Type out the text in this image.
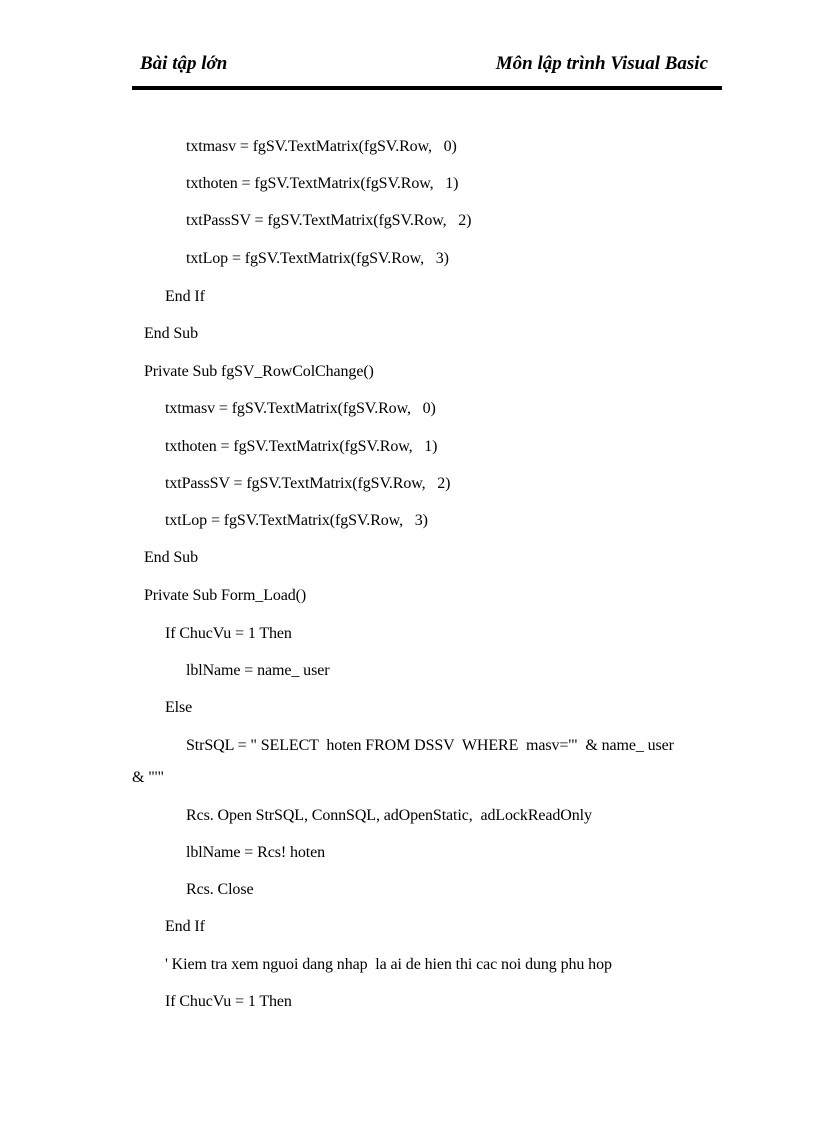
Bài tập lớn	Môn lập trình Visual Basic
txtmasv = fgSV.TextMatrix(fgSV.Row,   0)
txthoten = fgSV.TextMatrix(fgSV.Row,   1)
txtPassSV = fgSV.TextMatrix(fgSV.Row,   2)
txtLop = fgSV.TextMatrix(fgSV.Row,   3)
End If
End Sub
Private Sub fgSV_RowColChange()
txtmasv = fgSV.TextMatrix(fgSV.Row,   0)
txthoten = fgSV.TextMatrix(fgSV.Row,   1)
txtPassSV = fgSV.TextMatrix(fgSV.Row,   2)
txtLop = fgSV.TextMatrix(fgSV.Row,   3)
End Sub
Private Sub Form_Load()
If ChucVu = 1 Then
lblName = name_ user
Else
StrSQL = " SELECT  hoten FROM DSSV  WHERE  masv='"  & name_ user
& "'"
Rcs. Open StrSQL, ConnSQL, adOpenStatic,  adLockReadOnly
lblName = Rcs! hoten
Rcs. Close
End If
' Kiem tra xem nguoi dang nhap  la ai de hien thi cac noi dung phu hop
If ChucVu = 1 Then
